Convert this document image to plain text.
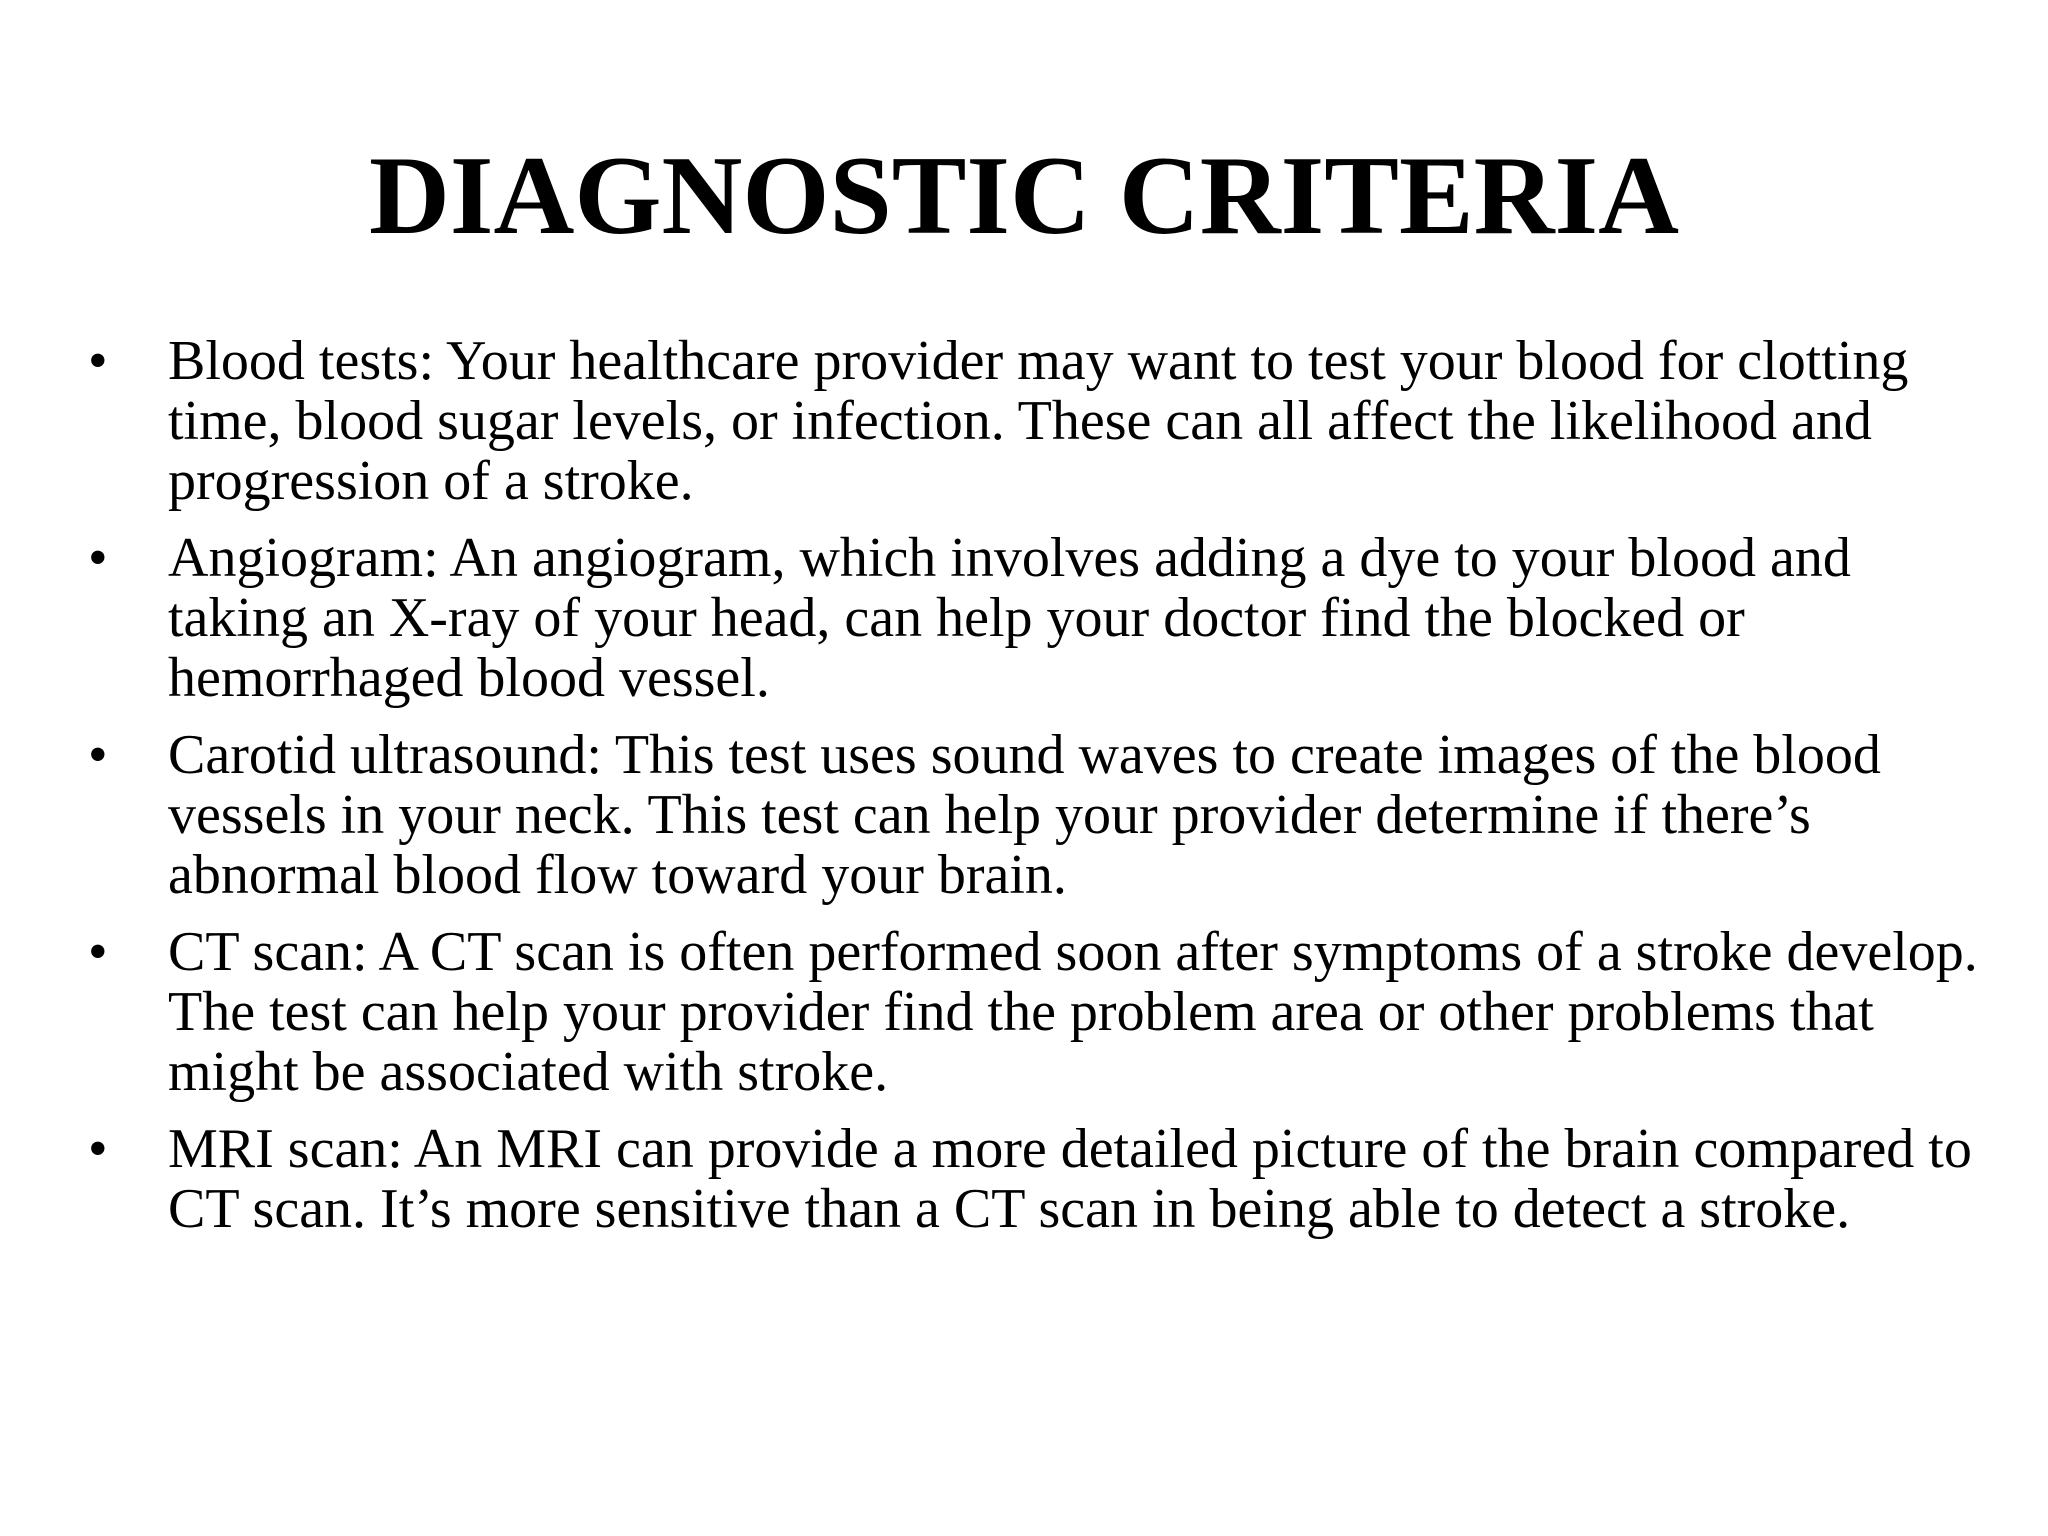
DIAGNOSTIC CRITERIA
•	Blood tests: Your healthcare provider may want to test your blood for clotting time, blood sugar levels, or infection. These can all affect the likelihood and progression of a stroke.
•	Angiogram: An angiogram, which involves adding a dye to your blood and taking an X-ray of your head, can help your doctor find the blocked or hemorrhaged blood vessel.
•	Carotid ultrasound: This test uses sound waves to create images of the blood vessels in your neck. This test can help your provider determine if there’s abnormal blood flow toward your brain.
•	CT scan: A CT scan is often performed soon after symptoms of a stroke develop. The test can help your provider find the problem area or other problems that might be associated with stroke.
•	MRI scan: An MRI can provide a more detailed picture of the brain compared to CT scan. It’s more sensitive than a CT scan in being able to detect a stroke.
